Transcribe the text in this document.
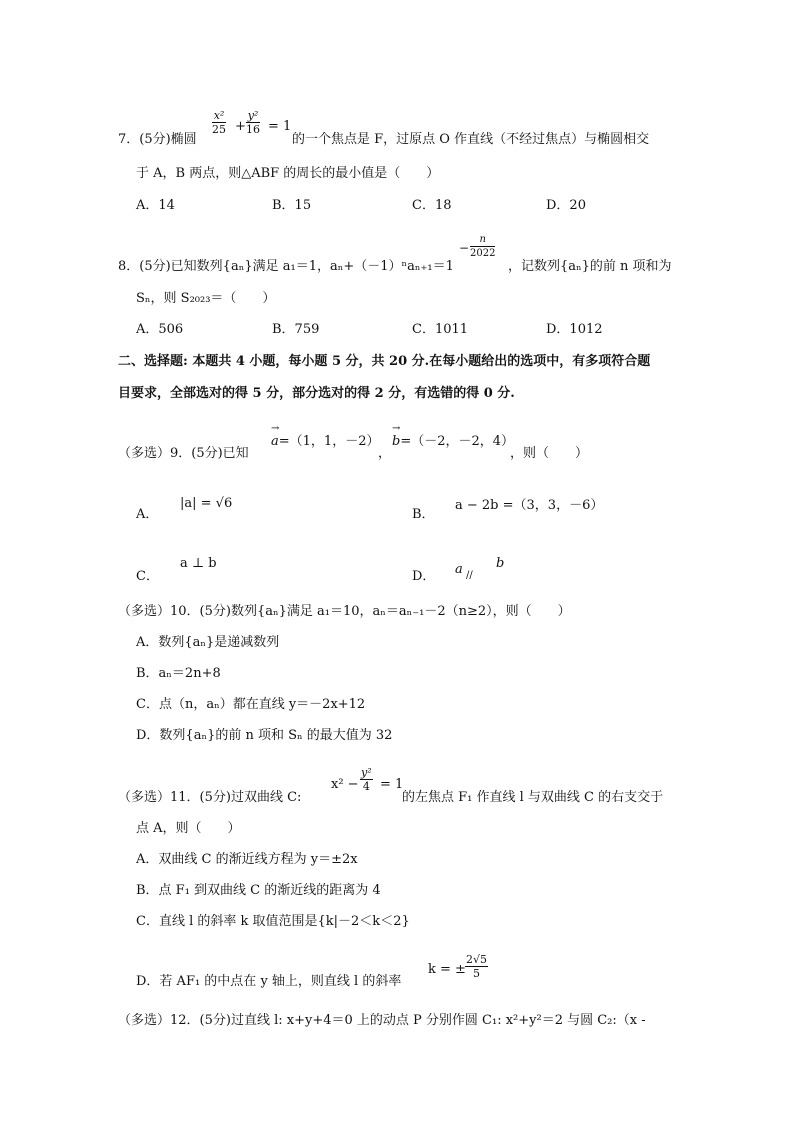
7．(5分)椭圆
$\frac{\text{x²}}{25} + \frac{\text{y²}}{16} = 1$
的一个焦点是 F，过原点 O 作直线（不经过焦点）与椭圆相交
于 A，B 两点，则△ABF 的周长的最小值是（　　）
A．14	B．15	C．18	D．20
8．(5分)已知数列{aₙ}满足 a₁＝1，aₙ+（－1）ⁿaₙ₊₁＝1
− $\frac{n}{2022}$
，记数列{aₙ}的前 n 项和为
Sₙ，则 S₂₀₂₃＝（　　）
A．506	B．759	C．1011	D．1012
二、选择题: 本题共 4 小题，每小题 5 分，共 20 分.在每小题给出的选项中，有多项符合题
目要求，全部选对的得 5 分，部分选对的得 2 分，有选错的得 0 分.
（多选）9．(5分)已知
→ a=（1，1，－2）
，
→ b=（－2，－2，4）
，则（　　）
A．
|a| = √6
B．
a − 2b =（3，3，－6）
C．
a ⊥ b
D． a //
b
（多选）10．(5分)数列{aₙ}满足 a₁＝10，aₙ＝aₙ₋₁－2（n≥2），则（　　）
A．数列{aₙ}是递减数列
B．aₙ＝2n+8
C．点（n，aₙ）都在直线 y＝－2x+12
D．数列{aₙ}的前 n 项和 Sₙ 的最大值为 32
（多选）11．(5分)过双曲线 C:
$x^2 - \frac{\text{y²}}{4} = 1$
的左焦点 F₁ 作直线 l 与双曲线 C 的右支交于
点 A，则（　　）
A．双曲线 C 的渐近线方程为 y＝±2x
B．点 F₁ 到双曲线 C 的渐近线的距离为 4
C．直线 l 的斜率 k 取值范围是{k|－2＜k＜2}
D．若 AF₁ 的中点在 y 轴上，则直线 l 的斜率
k = ± $\frac{2√5}{5}$
（多选）12．(5分)过直线 l: x+y+4＝0 上的动点 P 分别作圆 C₁: x²+y²＝2 与圆 C₂:（x -
